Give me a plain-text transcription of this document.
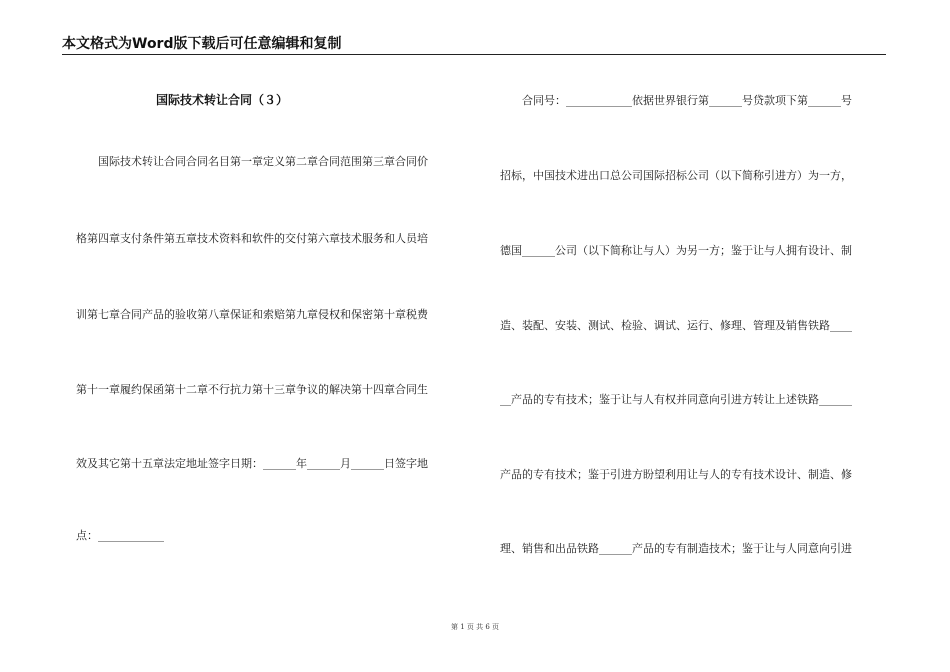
本文格式为Word版下载后可任意编辑和复制
国际技术转让合同（３）
　　国际技术转让合同合同名目第一章定义第二章合同范围第三章合同价
格第四章支付条件第五章技术资料和软件的交付第六章技术服务和人员培
训第七章合同产品的验收第八章保证和索赔第九章侵权和保密第十章税费
第十一章履约保函第十二章不行抗力第十三章争议的解决第十四章合同生
效及其它第十五章法定地址签字日期：______年______月______日签字地
点：____________
　　合同号：____________依据世界银行第______号贷款项下第______号
招标，中国技术进出口总公司国际招标公司（以下简称引进方）为一方，
德国______公司（以下简称让与人）为另一方；鉴于让与人拥有设计、制
造、装配、安装、测试、检验、调试、运行、修理、管理及销售铁路____
__产品的专有技术；鉴于让与人有权并同意向引进方转让上述铁路______
产品的专有技术；鉴于引进方盼望利用让与人的专有技术设计、制造、修
理、销售和出品铁路______产品的专有制造技术；鉴于让与人同意向引进
第 1 页 共 6 页
